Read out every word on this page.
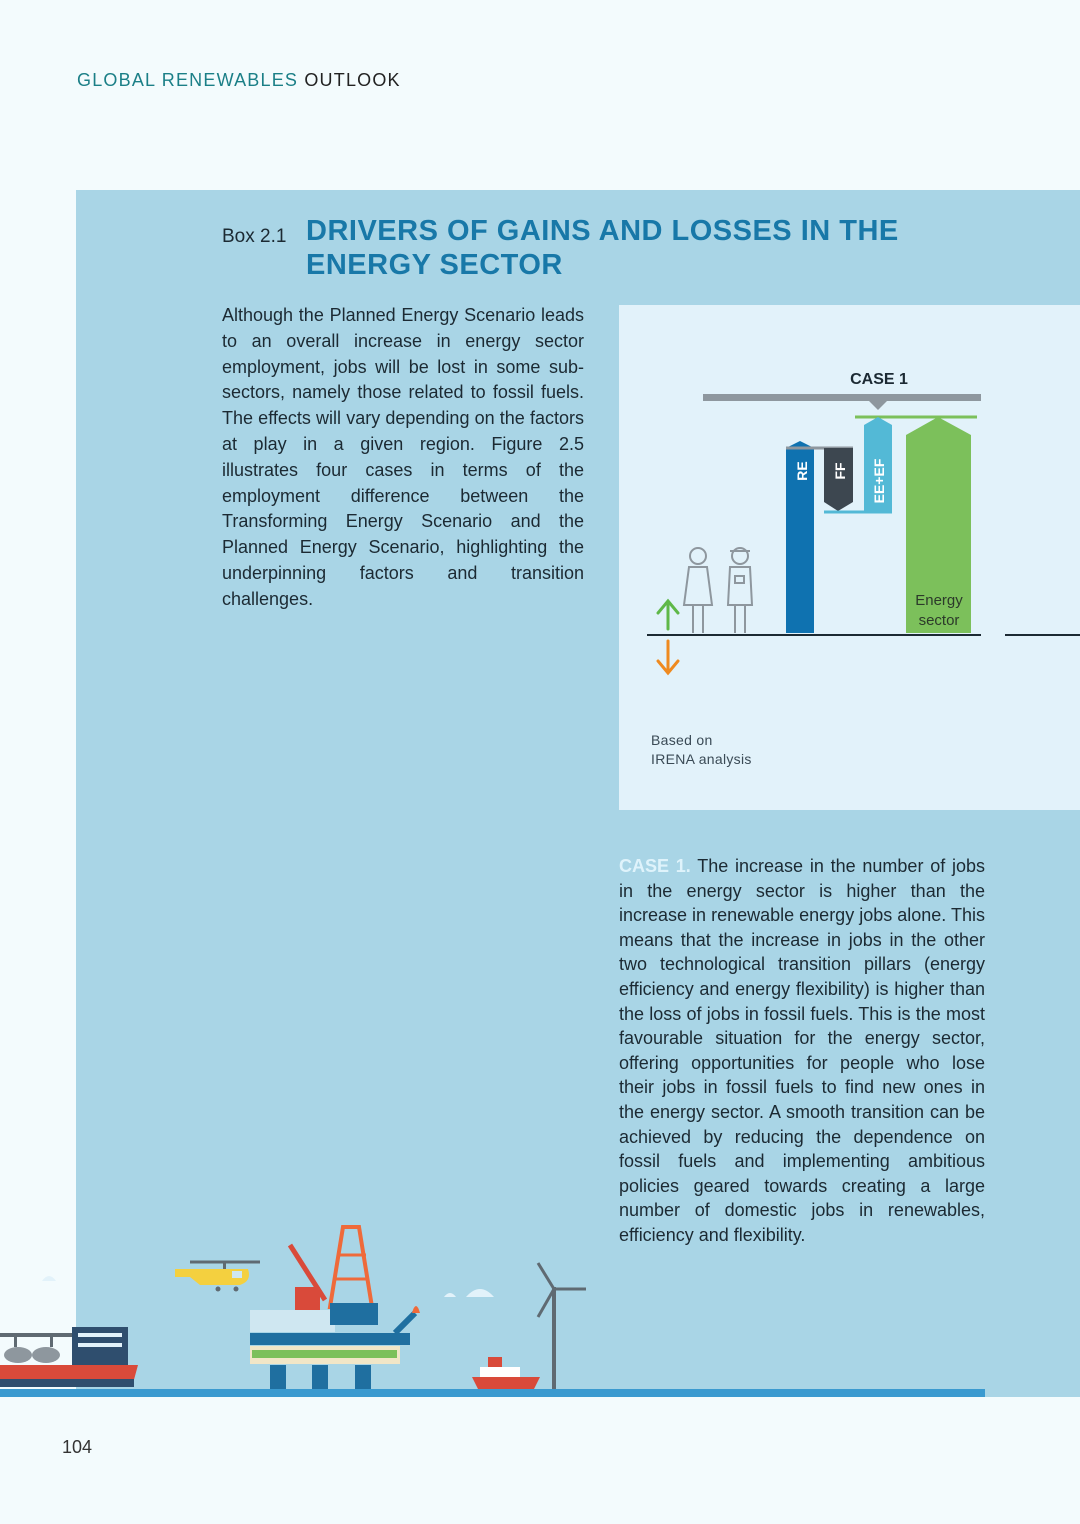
GLOBAL RENEWABLES OUTLOOK
Box 2.1 DRIVERS OF GAINS AND LOSSES IN THE ENERGY SECTOR
Although the Planned Energy Scenario leads to an overall increase in energy sector employment, jobs will be lost in some sub-sectors, namely those related to fossil fuels. The effects will vary depending on the factors at play in a given region. Figure 2.5 illustrates four cases in terms of the employment difference between the Transforming Energy Scenario and the Planned Energy Scenario, highlighting the underpinning factors and transition challenges.
CASE 1
RE FF EE+EF
Energy
sector
Based on
IRENA analysis
CASE 1. The increase in the number of jobs in the energy sector is higher than the increase in renewable energy jobs alone. This means that the increase in jobs in the other two technological transition pillars (energy efficiency and energy flexibility) is higher than the loss of jobs in fossil fuels. This is the most favourable situation for the energy sector, offering opportunities for people who lose their jobs in fossil fuels to find new ones in the energy sector. A smooth transition can be achieved by reducing the dependence on fossil fuels and implementing ambitious policies geared towards creating a large number of domestic jobs in renewables, efficiency and flexibility.
104
